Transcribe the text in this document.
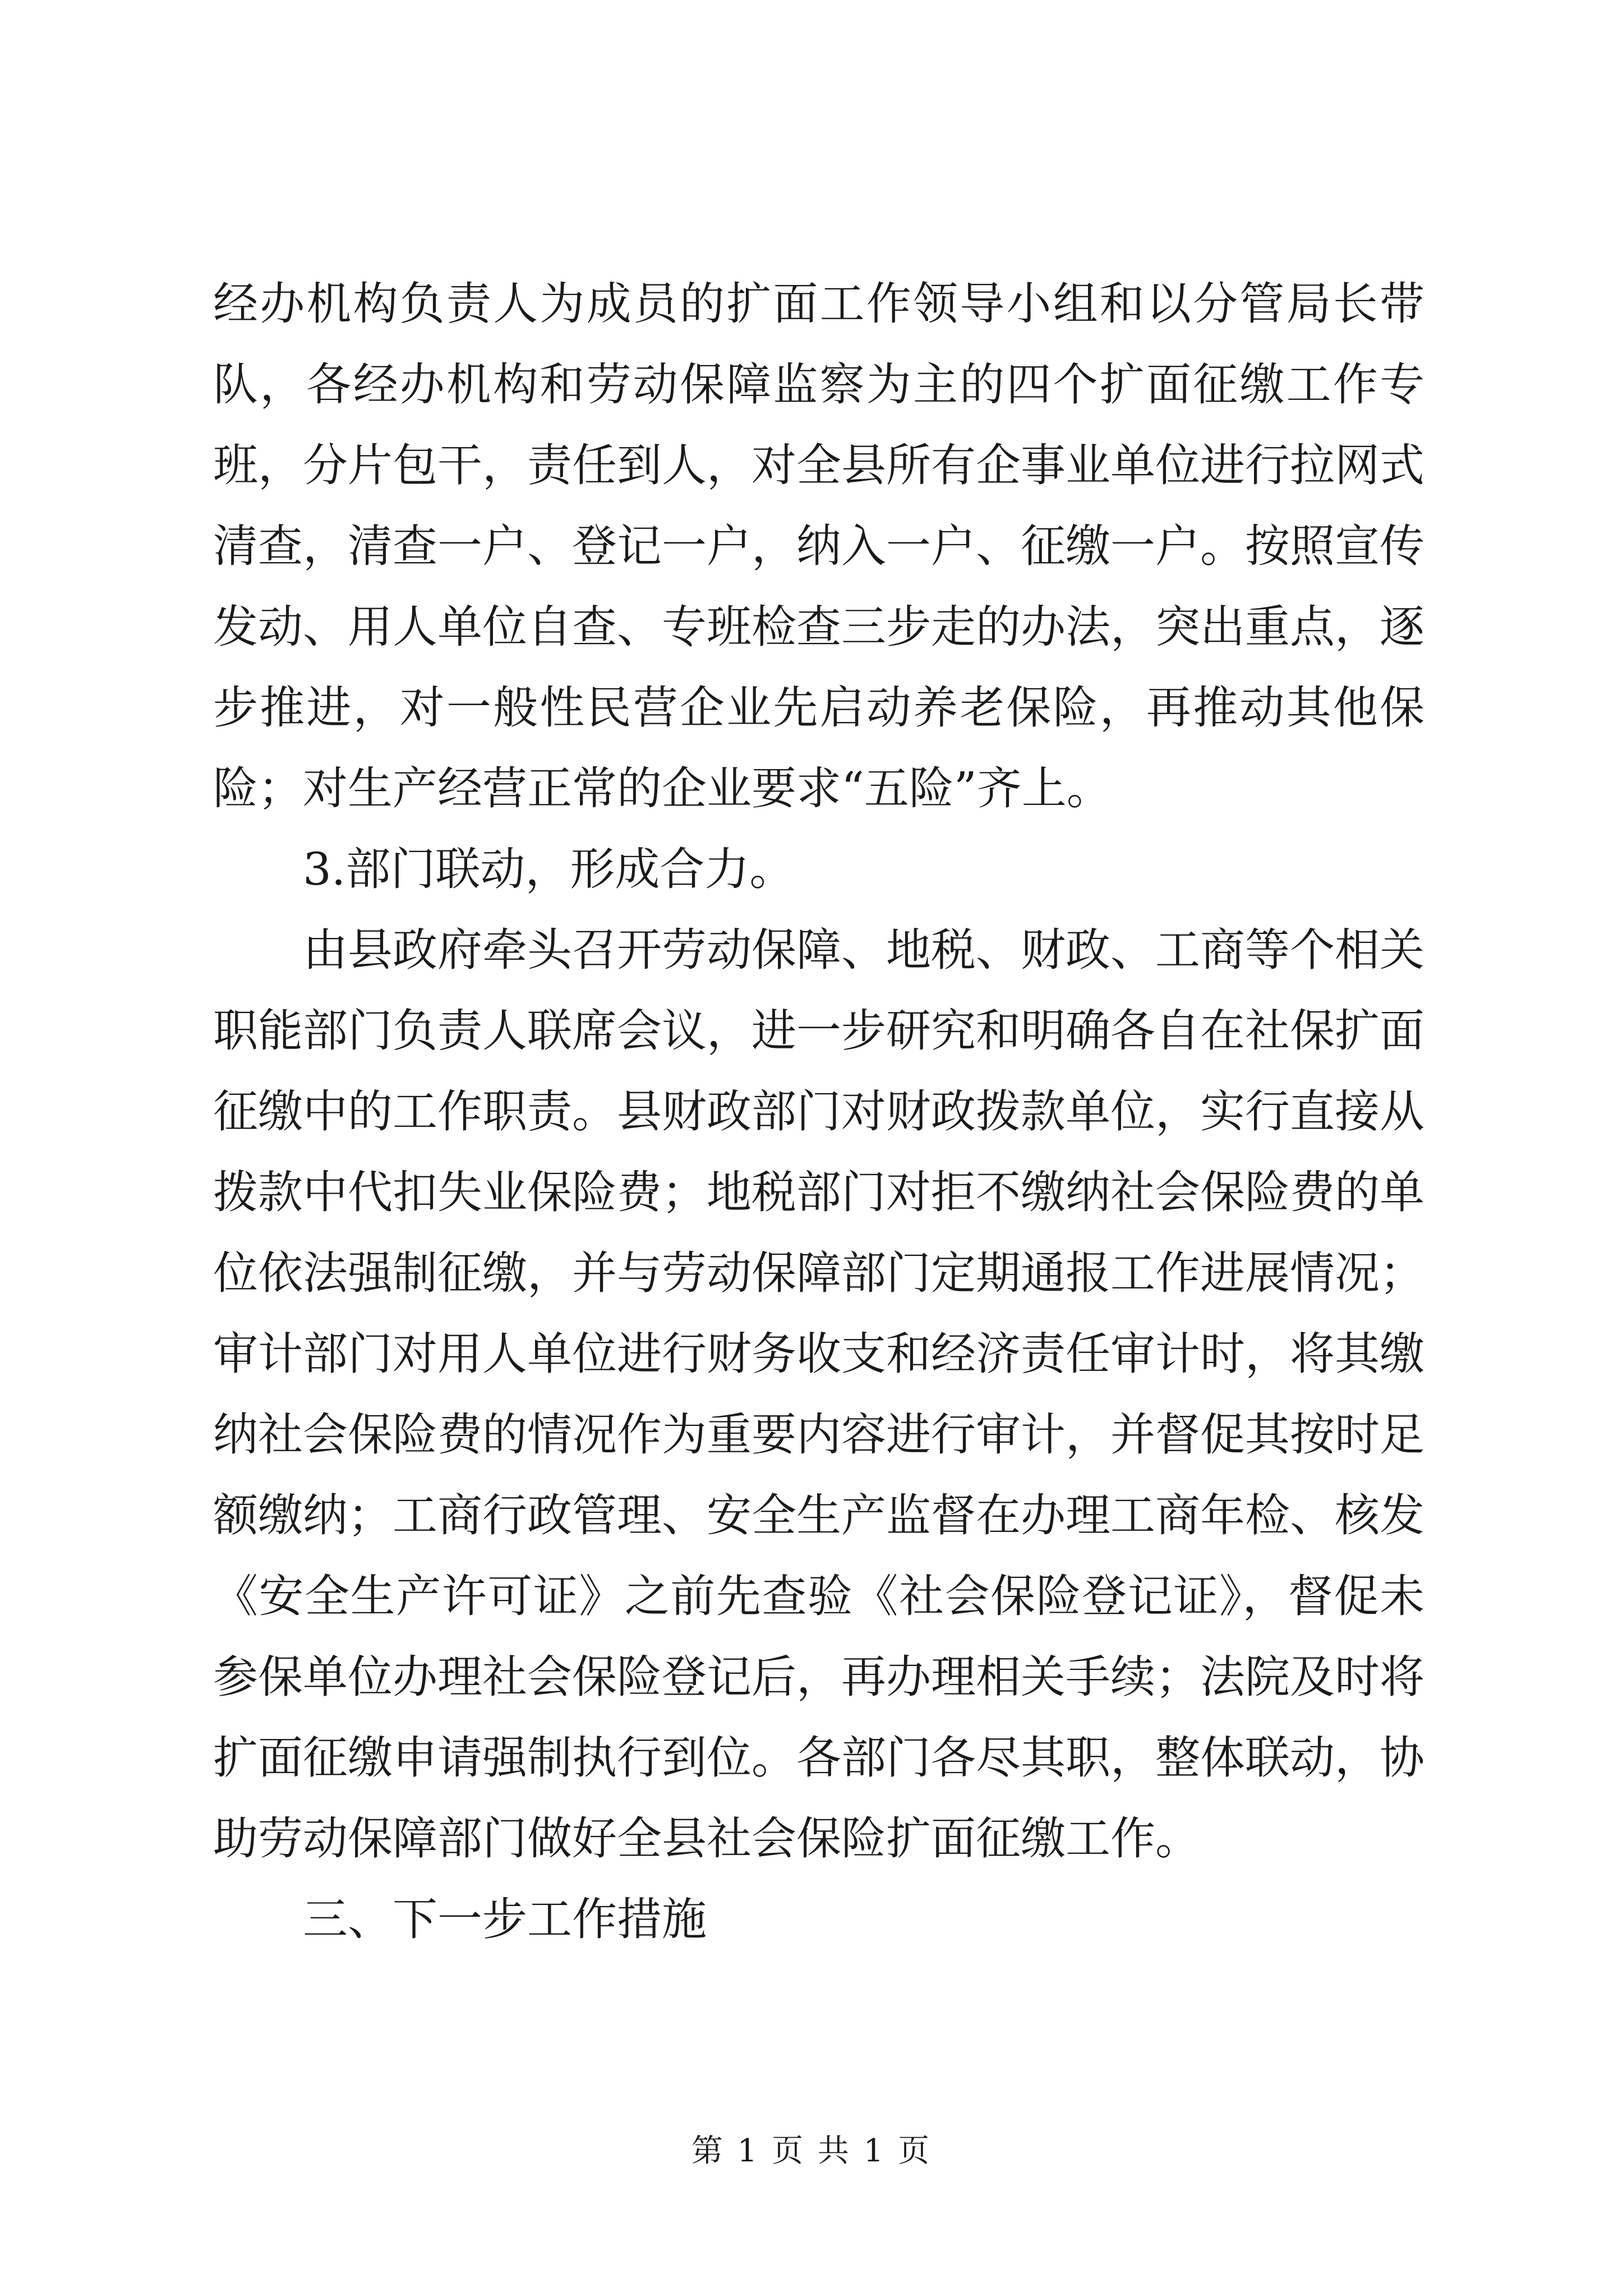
经办机构负责人为成员的扩面工作领导小组和以分管局长带队，各经办机构和劳动保障监察为主的四个扩面征缴工作专班，分片包干，责任到人，对全县所有企事业单位进行拉网式清查，清查一户、登记一户，纳入一户、征缴一户。按照宣传发动、用人单位自查、专班检查三步走的办法，突出重点，逐步推进，对一般性民营企业先启动养老保险，再推动其他保险；对生产经营正常的企业要求“五险”齐上。

3.部门联动，形成合力。

由县政府牵头召开劳动保障、地税、财政、工商等个相关职能部门负责人联席会议，进一步研究和明确各自在社保扩面征缴中的工作职责。县财政部门对财政拨款单位，实行直接从拨款中代扣失业保险费；地税部门对拒不缴纳社会保险费的单位依法强制征缴，并与劳动保障部门定期通报工作进展情况；审计部门对用人单位进行财务收支和经济责任审计时，将其缴纳社会保险费的情况作为重要内容进行审计，并督促其按时足额缴纳；工商行政管理、安全生产监督在办理工商年检、核发《安全生产许可证》之前先查验《社会保险登记证》，督促未参保单位办理社会保险登记后，再办理相关手续；法院及时将扩面征缴申请强制执行到位。各部门各尽其职，整体联动，协助劳动保障部门做好全县社会保险扩面征缴工作。

三、下一步工作措施

第 1 页 共 1 页
